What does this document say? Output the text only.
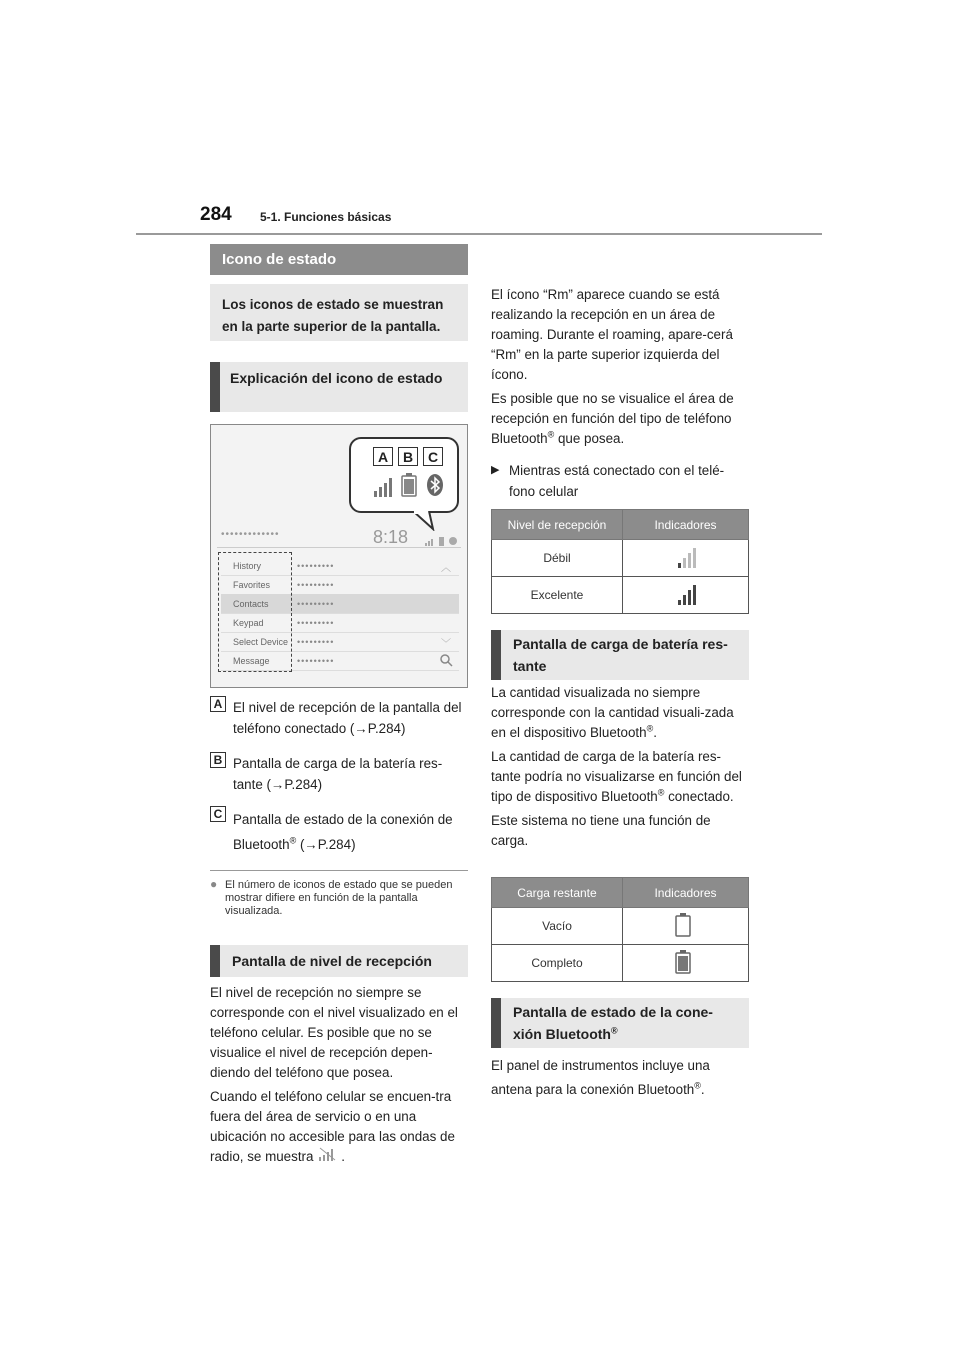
284 5-1. Funciones básicas
Icono de estado
Los iconos de estado se muestran en la parte superior de la pantalla.
Explicación del icono de estado
•••••••••••••	8:18
History	•••••••••
Favorites	•••••••••
Contacts	•••••••••
Keypad	•••••••••
Select Device •••••••••
Message	•••••••••
︿
﹀
A	B	C
A El nivel de recepción de la pantalla del teléfono conectado (→P.284)
B Pantalla de carga de la batería res-tante (→P.284)
C Pantalla de estado de la conexión de Bluetooth® (→P.284)
● El número de iconos de estado que se pueden mostrar difiere en función de la pantalla visualizada.
Pantalla de nivel de recepción

El nivel de recepción no siempre se corresponde con el nivel visualizado en el teléfono celular. Es posible que no se visualice el nivel de recepción depen-diendo del teléfono que posea.

Cuando el teléfono celular se encuen-tra fuera del área de servicio o en una ubicación no accesible para las ondas de radio, se muestra .

El ícono “Rm” aparece cuando se está realizando la recepción en un área de roaming. Durante el roaming, apare-cerá “Rm” en la parte superior izquierda del ícono.

Es posible que no se visualice el área de recepción en función del tipo de teléfono Bluetooth® que posea.

▶ Mientras está conectado con el telé-fono celular
Nivel de recepción	Indicadores
Débil	
Excelente	
Pantalla de carga de batería res-tante

La cantidad visualizada no siempre corresponde con la cantidad visuali-zada en el dispositivo Bluetooth®.

La cantidad de carga de la batería res-tante podría no visualizarse en función del tipo de dispositivo Bluetooth® conectado.

Este sistema no tiene una función de carga.

Carga restante	Indicadores
Vacío	
Completo	
Pantalla de estado de la cone-xión Bluetooth®

El panel de instrumentos incluye una antena para la conexión Bluetooth®.
